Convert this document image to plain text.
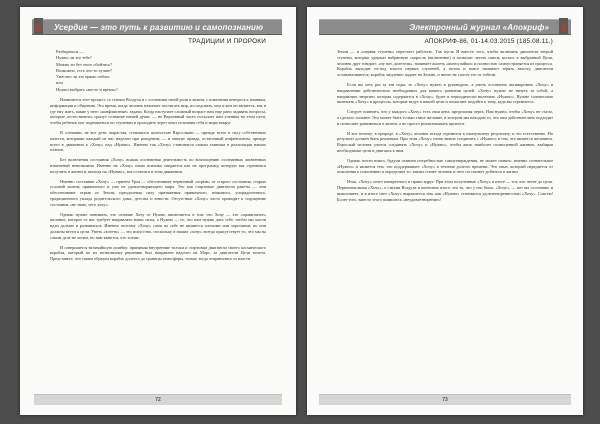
Усердие — это путь к развитию и самопознанию
ТРАДИЦИИ И ПРОРОКИ
Разбираться —
Нужно ли это тебе?
Можно ли без этого обойтись?
Возможно, есть что-то лучше?
Уместно ли это прямо сейчас
или
Нужно выбрать «место и время»?

Начинается этот процесс со стихии Воздуха и с осознания своей роли в жизни, с появления интереса к знаниям, информации и общению. Это время, когда человек начинает постигать мир, исследовать, чем и кем он является, как и где ему жить, какие у него «конфликтные» задачи. Когда наступает сложный возраст нам еще рано задавать вопросы, которые «естественно» грызут сознание нашей души, — но Верховный часто посылает нам ученика на этом пути, чтобы ребенок мог подниматься по ступеням и проходить через опыт познания себя и мира вокруг.

В сознании, не все дети, вырастая, становятся полностью Взрослыми — прежде всего в силу собственных качеств, которыми каждый из нас наделен при рождении, — и многие правда, остаточный инфантилизм, прежде всего в движении к «Хочу» над «Нужно». Именно так «Хочу» становится самым главным в реализации наших планов.

Без включения состояния «Хочу» всякая осознанная деятельность по воплощению осознанных жизненных изменений невозможна. Именно на «Хочу» наша психика опирается как на программу, которую мы стремимся получить в жизни и, выходя на «Нужно», мы остаемся в этом движении.

Именно состояние «Хочу» — причем Уроа — обеспечивает первичный «отрыв» от старого состояния, старых условий жизни, привычного и уже не удовлетворяющего мира. Это как стартовые двигатели ракеты — они обеспечивают отрыв от Земли, преодолевая силу притяжения привычного, знакомого, упорядоченного, традиционного уклада родительского дома, детства и юности. Отсутствие «Хочу» часто приводит к ощущению состояния «не знаю, чего хочу».

Однако нужно понимать, что отличие Хочу от Нужно заключается в том, что Хочу — это «правильное» желание, которое от нас требует направлять наши силы, а Нужно — то, что нам нужно дать себе, чтобы мы могли идти дальше и развиваться. Именно поэтому «Хочу» сами по себе не являются плохими или хорошими, но они должны вести к цели. Уметь «хотеть» — это искусство, поскольку в наших «хочу» всегда присутствует то, что мы на самом деле не хотим, но нам кажется, что хотим.

И совершается величайшую ошибку: принимая внутренние толчки и стартовые двигатели своего космического корабля, который по их возможному решению был направлен надолго на Марс, за двигатели Цели полета. Представьте, что таким образом корабль долетел до границы атмосферы, только тогда отправились от власти

72
Электронный журнал «Апокриф»
АПОКРИФ-86, 01-14.03.2015 (185.08.11.)

Земли — и «первая ступень» перестает работать. Так пусть И вместо того, чтобы включить двигатели второй ступени, которые удержат набранную скорость (включение) и позволят лететь сквозь космос к выбранной Цели, человек друг говорит: «ну вот, долетели», начинает жалеть «конец пайки» и полностью самоустраняется из процесса. Корабль выходит из-под власти первых ступеней, а потом и вовсе начинает терять высоту, двигатели останавливаются; корабль медленно падает на Землю, и ничто не спасет его от гибели.

Если вы хоть раз за эти годы, то «Хочу» нужно в руководить, а уметь осознанно активировать «Хочу» в направлении действительно необходимых для вашего развития целей. «Хочу» нужно не тянуть за собой, а направлять энергию, которая содержится в «Хочу», будет в периодически включать «Нужно». Нужно сознательно включать «Хочу» в процессы, которые ведут к нашей цели и помогают подойти к тому, куда вы стремитесь.

Следует помнить, что у каждого «Хочу» есть своя цена, предельная черта. Нам нужно, чтобы «Хочу» не съело, а сделало сильнее. Это может быть только такое желание, в котором мы находим то, что нам действительно подходит и позволяет развиваться в жизни, а не просто реализовывать прихоти.

И вот почему: в природе, в «Хочу» человек всегда стремится к наилучшему результату, и это естественно. Но результат должен быть реальным. При этом «Хочу» очень важно соединить с «Нужно» в том, что является желанием. Взрослый человек учится соединять «Хочу» и «Нужно», чтобы жить наиболее полноценной жизнью, выбирая необходимые цели и двигаясь к ним.

Однако почти никто, будучи охвачен потребностью самоутверждения, не может понять: именно сознательное «Нужно» и является тем, что поддерживает «Хочу» в течение долгого времени. Это опыт, который передается от поколения к поколению и определяет то, каким станет человек и чего он сможет добиться в жизни.

Итак, «Хочу» хочет конкретного и прямо вдруг. При этом полученные «Хочу» в итоге — тот, кто летит до цели. Первоначальная «Хочу», о стихии Воздуха и конечном итоге, это то, что у нас было, «Хочу», — вот вы осознанно и выполняете, и в итоге свет «Хочу» выражается тем, как «Нужно» становится удовлетворенностью «Хочу». Совсем! Более того, вместо этого появилось «неудовлетворение»!

73
